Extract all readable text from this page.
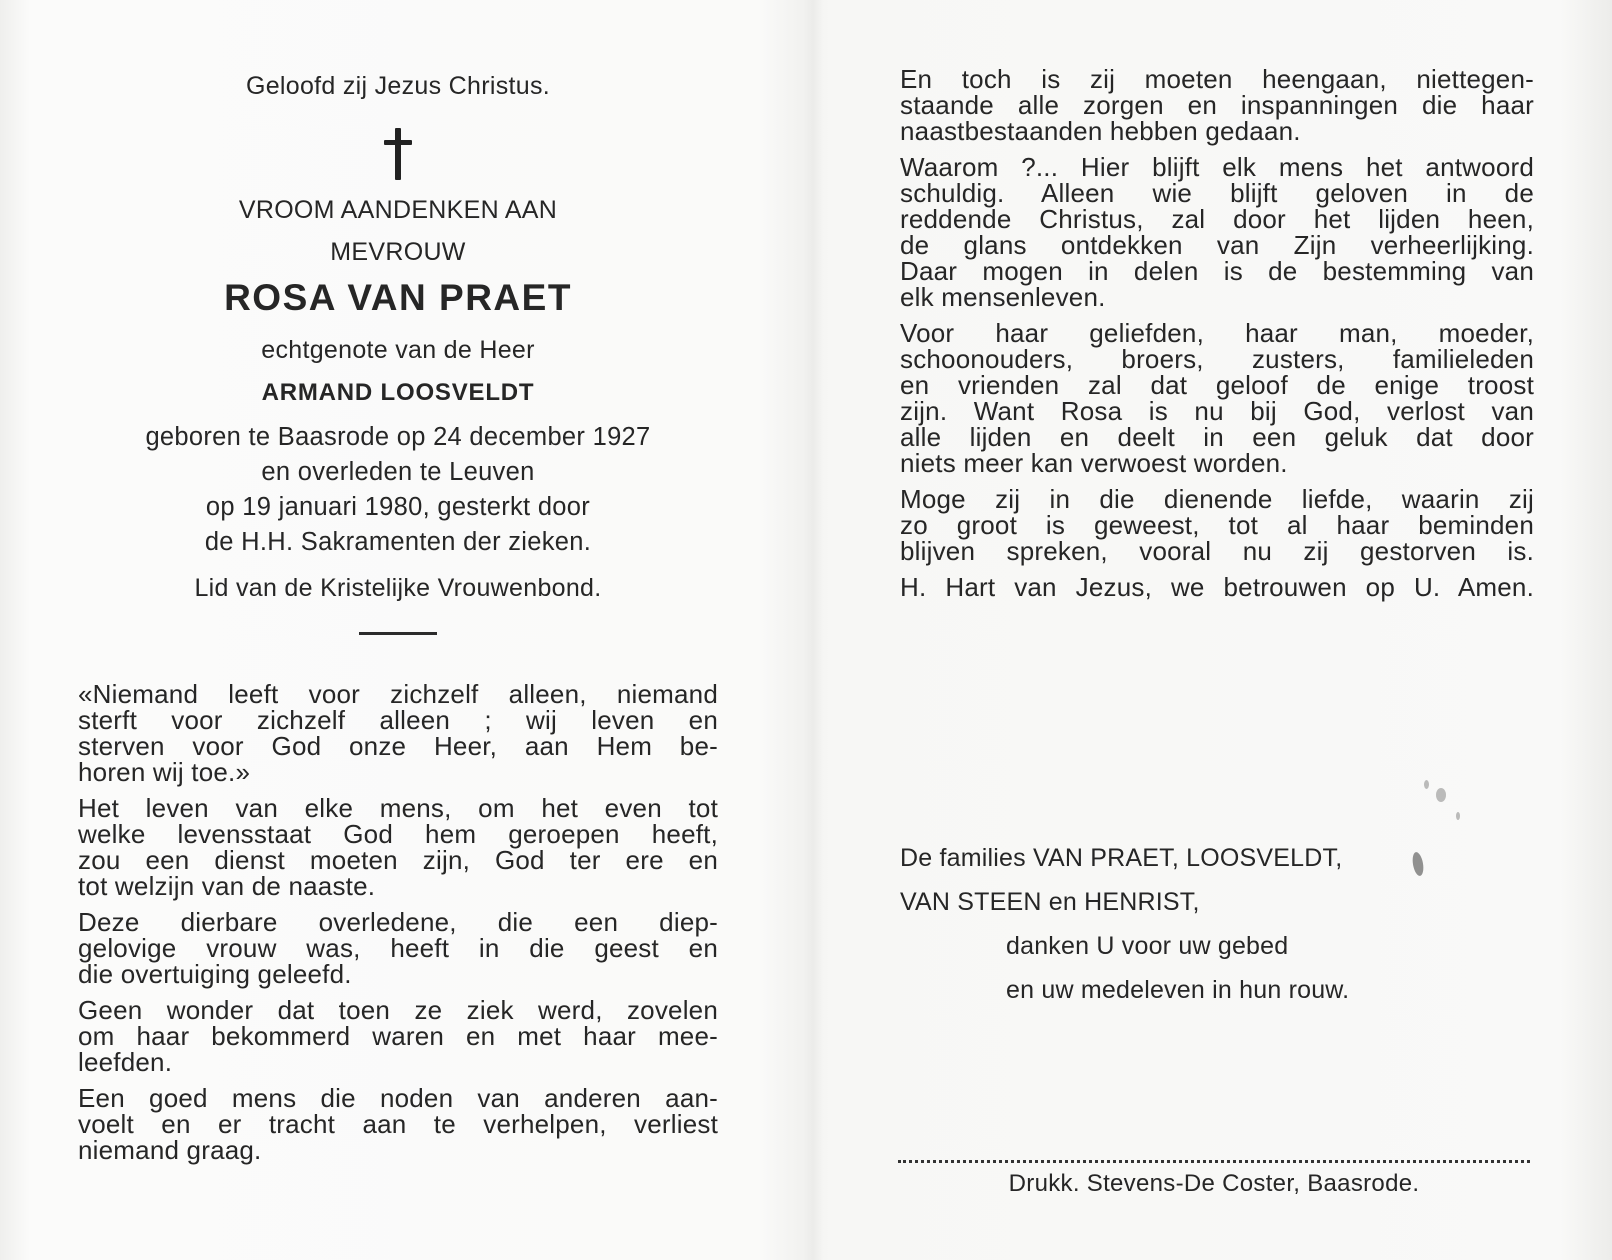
Geloofd zij Jezus Christus.
VROOM AANDENKEN AAN
MEVROUW
ROSA VAN PRAET
echtgenote van de Heer
ARMAND LOOSVELDT
geboren te Baasrode op 24 december 1927
en overleden te Leuven
op 19 januari 1980, gesterkt door
de H.H. Sakramenten der zieken.
Lid van de Kristelijke Vrouwenbond.

«Niemand leeft voor zichzelf alleen, niemand
sterft voor zichzelf alleen ; wij leven en
sterven voor God onze Heer, aan Hem be-
horen wij toe.»

Het leven van elke mens, om het even tot
welke levensstaat God hem geroepen heeft,
zou een dienst moeten zijn, God ter ere en
tot welzijn van de naaste.

Deze dierbare overledene, die een diep-
gelovige vrouw was, heeft in die geest en
die overtuiging geleefd.

Geen wonder dat toen ze ziek werd, zovelen
om haar bekommerd waren en met haar mee-
leefden.

Een goed mens die noden van anderen aan-
voelt en er tracht aan te verhelpen, verliest
niemand graag.

En toch is zij moeten heengaan, niettegen-
staande alle zorgen en inspanningen die haar
naastbestaanden hebben gedaan.

Waarom ?... Hier blijft elk mens het antwoord
schuldig. Alleen wie blijft geloven in de
reddende Christus, zal door het lijden heen,
de glans ontdekken van Zijn verheerlijking.
Daar mogen in delen is de bestemming van
elk mensenleven.

Voor haar geliefden, haar man, moeder,
schoonouders, broers, zusters, familieleden
en vrienden zal dat geloof de enige troost
zijn. Want Rosa is nu bij God, verlost van
alle lijden en deelt in een geluk dat door
niets meer kan verwoest worden.

Moge zij in die dienende liefde, waarin zij
zo groot is geweest, tot al haar beminden
blijven spreken, vooral nu zij gestorven is.

H. Hart van Jezus, we betrouwen op U. Amen.

De families VAN PRAET, LOOSVELDT,
VAN STEEN en HENRIST,
danken U voor uw gebed
en uw medeleven in hun rouw.
Drukk. Stevens-De Coster, Baasrode.
